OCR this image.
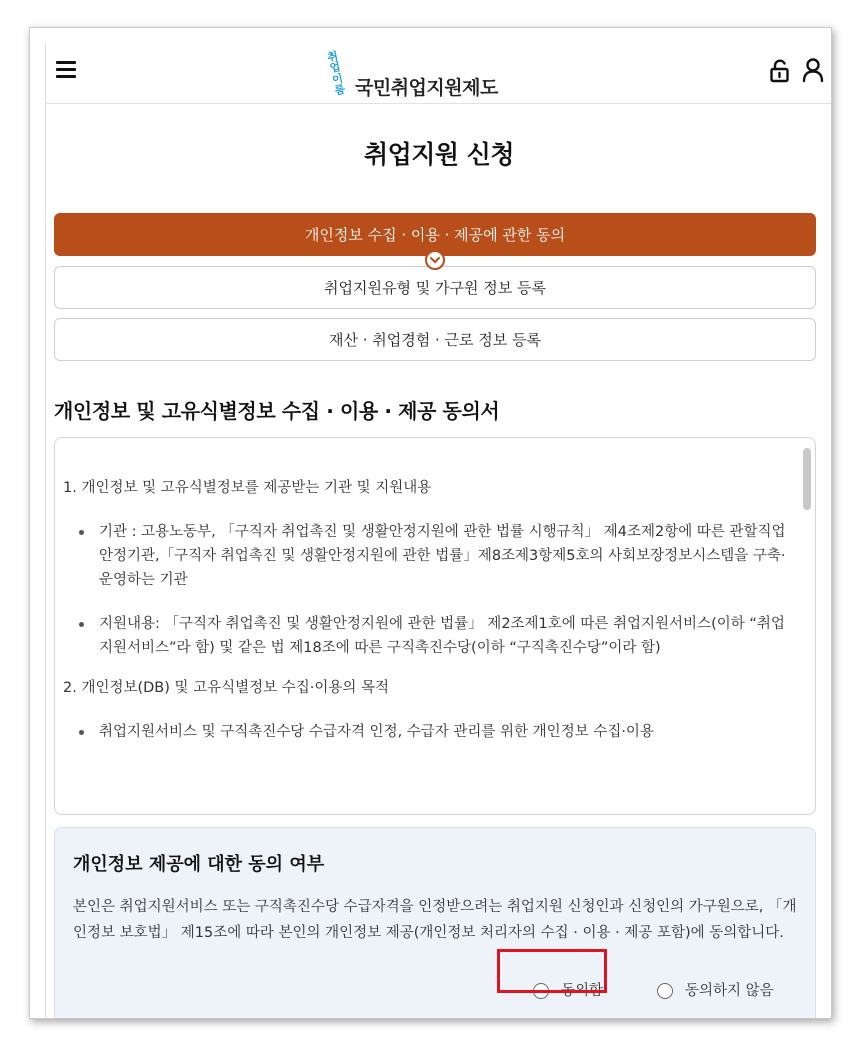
취업
이룸 국민취업지원제도
취업지원 신청
개인정보 수집 · 이용 · 제공에 관한 동의
취업지원유형 및 가구원 정보 등록
재산 · 취업경험 · 근로 정보 등록
개인정보 및 고유식별정보 수집 · 이용 · 제공 동의서
1. 개인정보 및 고유식별정보를 제공받는 기관 및 지원내용
기관 : 고용노동부, 「구직자 취업촉진 및 생활안정지원에 관한 법률 시행규칙」 제4조제2항에 따른 관할직업안정기관,「구직자 취업촉진 및 생활안정지원에 관한 법률」제8조제3항제5호의 사회보장정보시스템을 구축·운영하는 기관
지원내용: 「구직자 취업촉진 및 생활안정지원에 관한 법률」 제2조제1호에 따른 취업지원서비스(이하 “취업지원서비스”라 함) 및 같은 법 제18조에 따른 구직촉진수당(이하 “구직촉진수당”이라 함)
2. 개인정보(DB) 및 고유식별정보 수집·이용의 목적
취업지원서비스 및 구직촉진수당 수급자격 인정, 수급자 관리를 위한 개인정보 수집·이용
개인정보 제공에 대한 동의 여부
본인은 취업지원서비스 또는 구직촉진수당 수급자격을 인정받으려는 취업지원 신청인과 신청인의 가구원으로, 「개인정보 보호법」 제15조에 따라 본인의 개인정보 제공(개인정보 처리자의 수집 · 이용 · 제공 포함)에 동의합니다.
동의함	동의하지 않음
